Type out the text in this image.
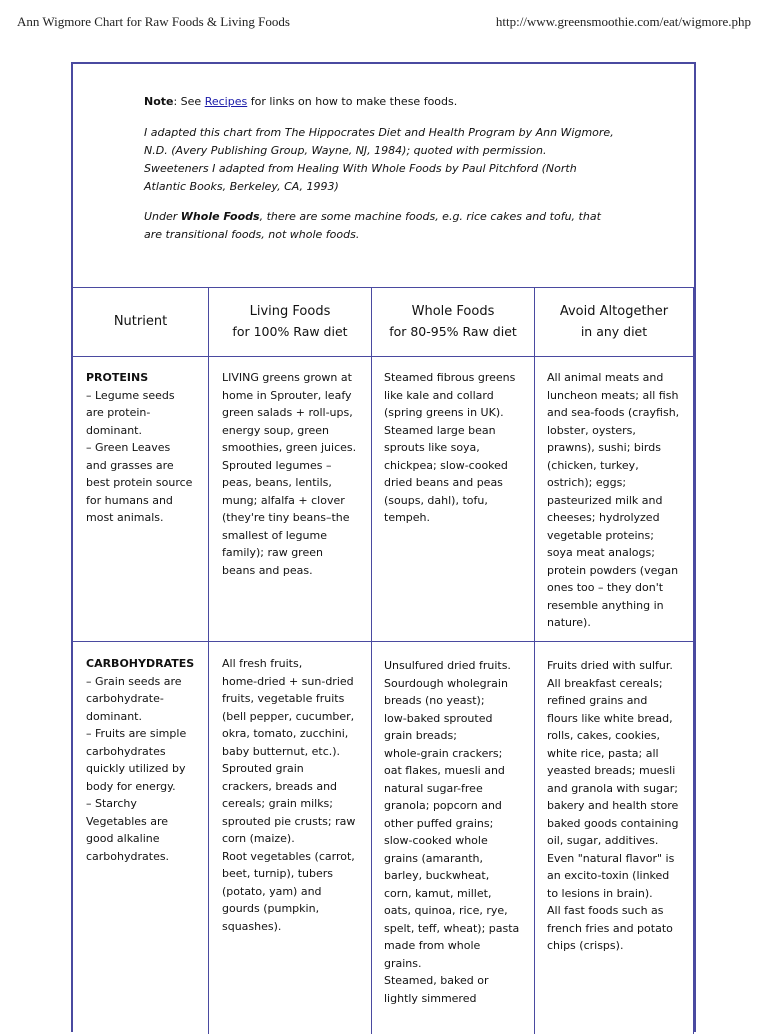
Ann Wigmore Chart for Raw Foods & Living Foods	http://www.greensmoothie.com/eat/wigmore.php

Note: See Recipes for links on how to make these foods.

I adapted this chart from The Hippocrates Diet and Health Program by Ann Wigmore,
N.D. (Avery Publishing Group, Wayne, NJ, 1984); quoted with permission.
Sweeteners I adapted from Healing With Whole Foods by Paul Pitchford (North
Atlantic Books, Berkeley, CA, 1993)

Under Whole Foods, there are some machine foods, e.g. rice cakes and tofu, that
are transitional foods, not whole foods.

Nutrient
Living Foods
for 100% Raw diet
Whole Foods
for 80-95% Raw diet
Avoid Altogether
in any diet
PROTEINS
– Legume seeds
are protein-
dominant.
– Green Leaves
and grasses are
best protein source
for humans and
most animals.
LIVING greens grown at
home in Sprouter, leafy
green salads + roll-ups,
energy soup, green
smoothies, green juices.
Sprouted legumes –
peas, beans, lentils,
mung; alfalfa + clover
(they're tiny beans–the
smallest of legume
family); raw green
beans and peas.
Steamed fibrous greens
like kale and collard
(spring greens in UK).
Steamed large bean
sprouts like soya,
chickpea; slow-cooked
dried beans and peas
(soups, dahl), tofu,
tempeh.
All animal meats and
luncheon meats; all fish
and sea-foods (crayfish,
lobster, oysters,
prawns), sushi; birds
(chicken, turkey,
ostrich); eggs;
pasteurized milk and
cheeses; hydrolyzed
vegetable proteins;
soya meat analogs;
protein powders (vegan
ones too – they don't
resemble anything in
nature).
CARBOHYDRATES
– Grain seeds are
carbohydrate-
dominant.
– Fruits are simple
carbohydrates
quickly utilized by
body for energy.
– Starchy
Vegetables are
good alkaline
carbohydrates.
All fresh fruits,
home-dried + sun-dried
fruits, vegetable fruits
(bell pepper, cucumber,
okra, tomato, zucchini,
baby butternut, etc.).
Sprouted grain
crackers, breads and
cereals; grain milks;
sprouted pie crusts; raw
corn (maize).
Root vegetables (carrot,
beet, turnip), tubers
(potato, yam) and
gourds (pumpkin,
squashes).
Unsulfured dried fruits.
Sourdough wholegrain
breads (no yeast);
low-baked sprouted
grain breads;
whole-grain crackers;
oat flakes, muesli and
natural sugar-free
granola; popcorn and
other puffed grains;
slow-cooked whole
grains (amaranth,
barley, buckwheat,
corn, kamut, millet,
oats, quinoa, rice, rye,
spelt, teff, wheat); pasta
made from whole
grains.
Steamed, baked or
lightly simmered
Fruits dried with sulfur.
All breakfast cereals;
refined grains and
flours like white bread,
rolls, cakes, cookies,
white rice, pasta; all
yeasted breads; muesli
and granola with sugar;
bakery and health store
baked goods containing
oil, sugar, additives.
Even "natural flavor" is
an excito-toxin (linked
to lesions in brain).
All fast foods such as
french fries and potato
chips (crisps).
